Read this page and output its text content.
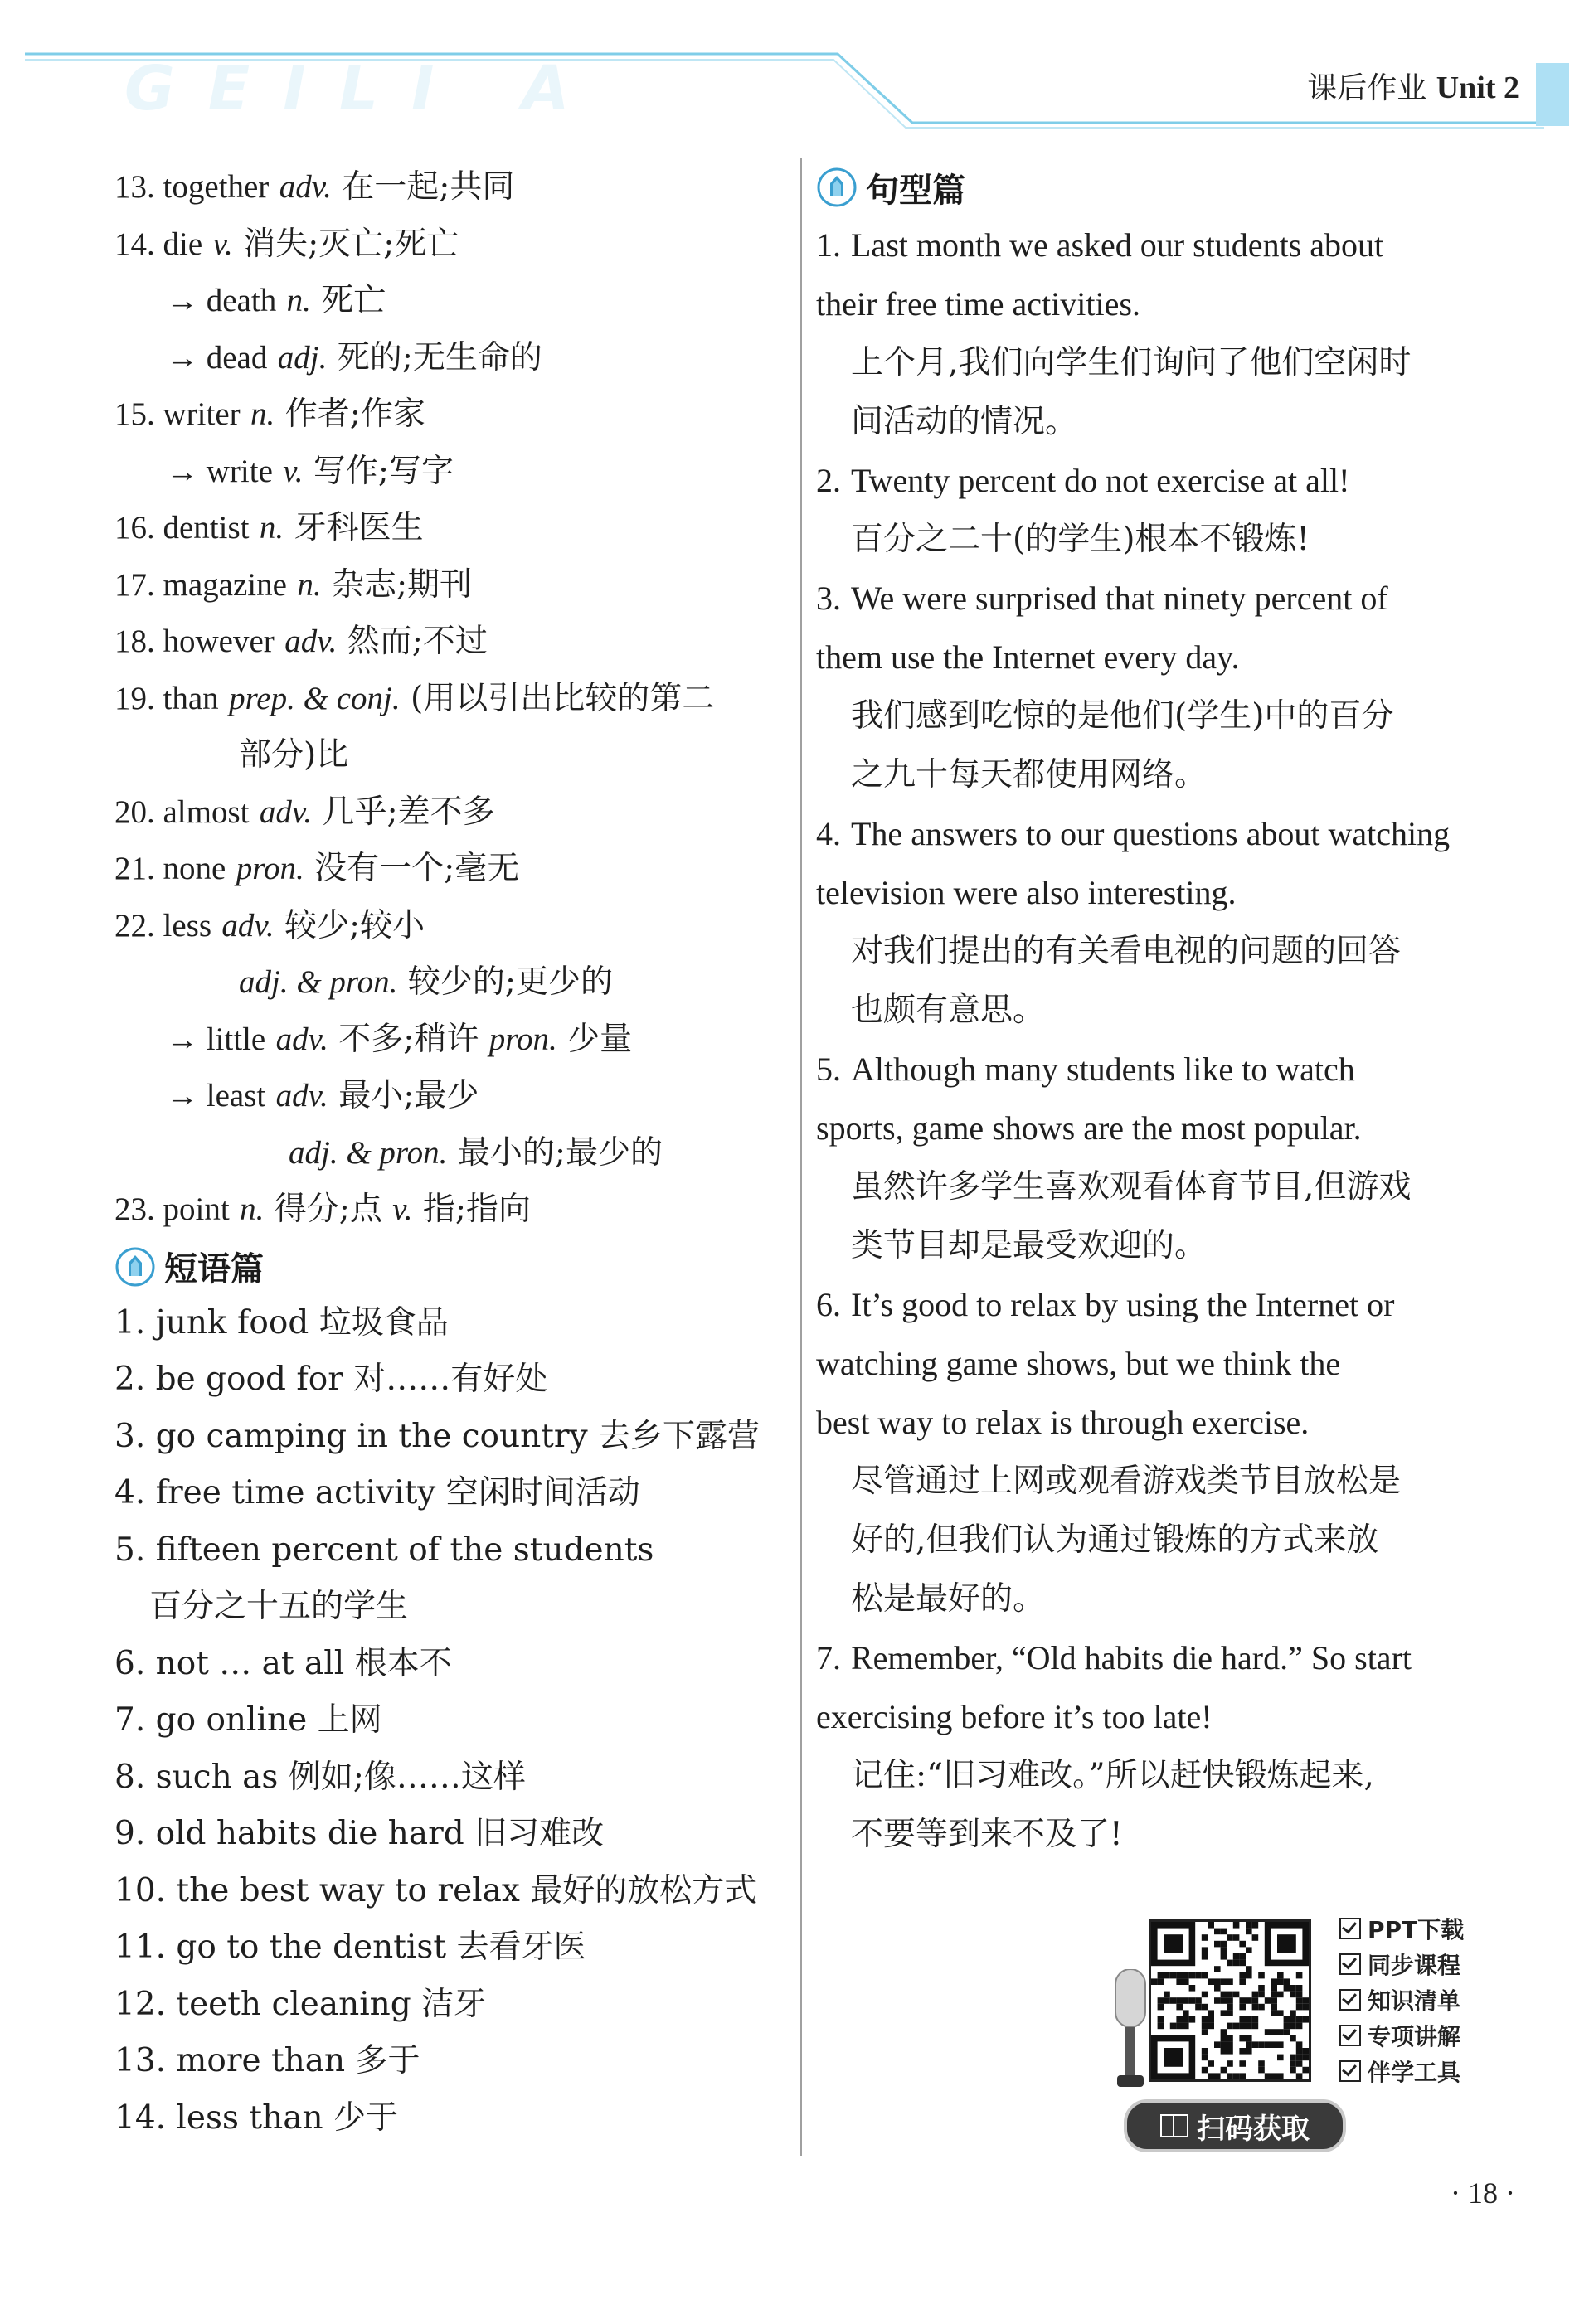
GEILI A	课后作业 Unit 2
13. together adv. 在一起;共同
14. die v. 消失;灭亡;死亡
→ death n. 死亡
→ dead adj. 死的;无生命的
15. writer n. 作者;作家
→ write v. 写作;写字
16. dentist n. 牙科医生
17. magazine n. 杂志;期刊
18. however adv. 然而;不过
19. than prep. & conj. (用以引出比较的第二
部分)比
20. almost adv. 几乎;差不多
21. none pron. 没有一个;毫无
22. less adv. 较少;较小
adj. & pron. 较少的;更少的
→ little adv. 不多;稍许 pron. 少量
→ least adv. 最小;最少
adj. & pron. 最小的;最少的
23. point n. 得分;点 v. 指;指向
短语篇
1. junk food 垃圾食品
2. be good for 对……有好处
3. go camping in the country 去乡下露营
4. free time activity 空闲时间活动
5. fifteen percent of the students
百分之十五的学生
6. not … at all 根本不
7. go online 上网
8. such as 例如;像……这样
9. old habits die hard 旧习难改
10. the best way to relax 最好的放松方式
11. go to the dentist 去看牙医
12. teeth cleaning 洁牙
13. more than 多于
14. less than 少于
句型篇
1. Last month we asked our students about
their free time activities.
上个月,我们向学生们询问了他们空闲时
间活动的情况。
2. Twenty percent do not exercise at all!
百分之二十(的学生)根本不锻炼!
3. We were surprised that ninety percent of
them use the Internet every day.
我们感到吃惊的是他们(学生)中的百分
之九十每天都使用网络。
4. The answers to our questions about watching
television were also interesting.
对我们提出的有关看电视的问题的回答
也颇有意思。
5. Although many students like to watch
sports, game shows are the most popular.
虽然许多学生喜欢观看体育节目,但游戏
类节目却是最受欢迎的。
6. It’s good to relax by using the Internet or
watching game shows, but we think the
best way to relax is through exercise.
尽管通过上网或观看游戏类节目放松是
好的,但我们认为通过锻炼的方式来放
松是最好的。
7. Remember, “Old habits die hard.” So start
exercising before it’s too late!
记住:“旧习难改。”所以赶快锻炼起来,
不要等到来不及了!
PPT下载
同步课程
知识清单
专项讲解
伴学工具
扫码获取
· 18 ·
